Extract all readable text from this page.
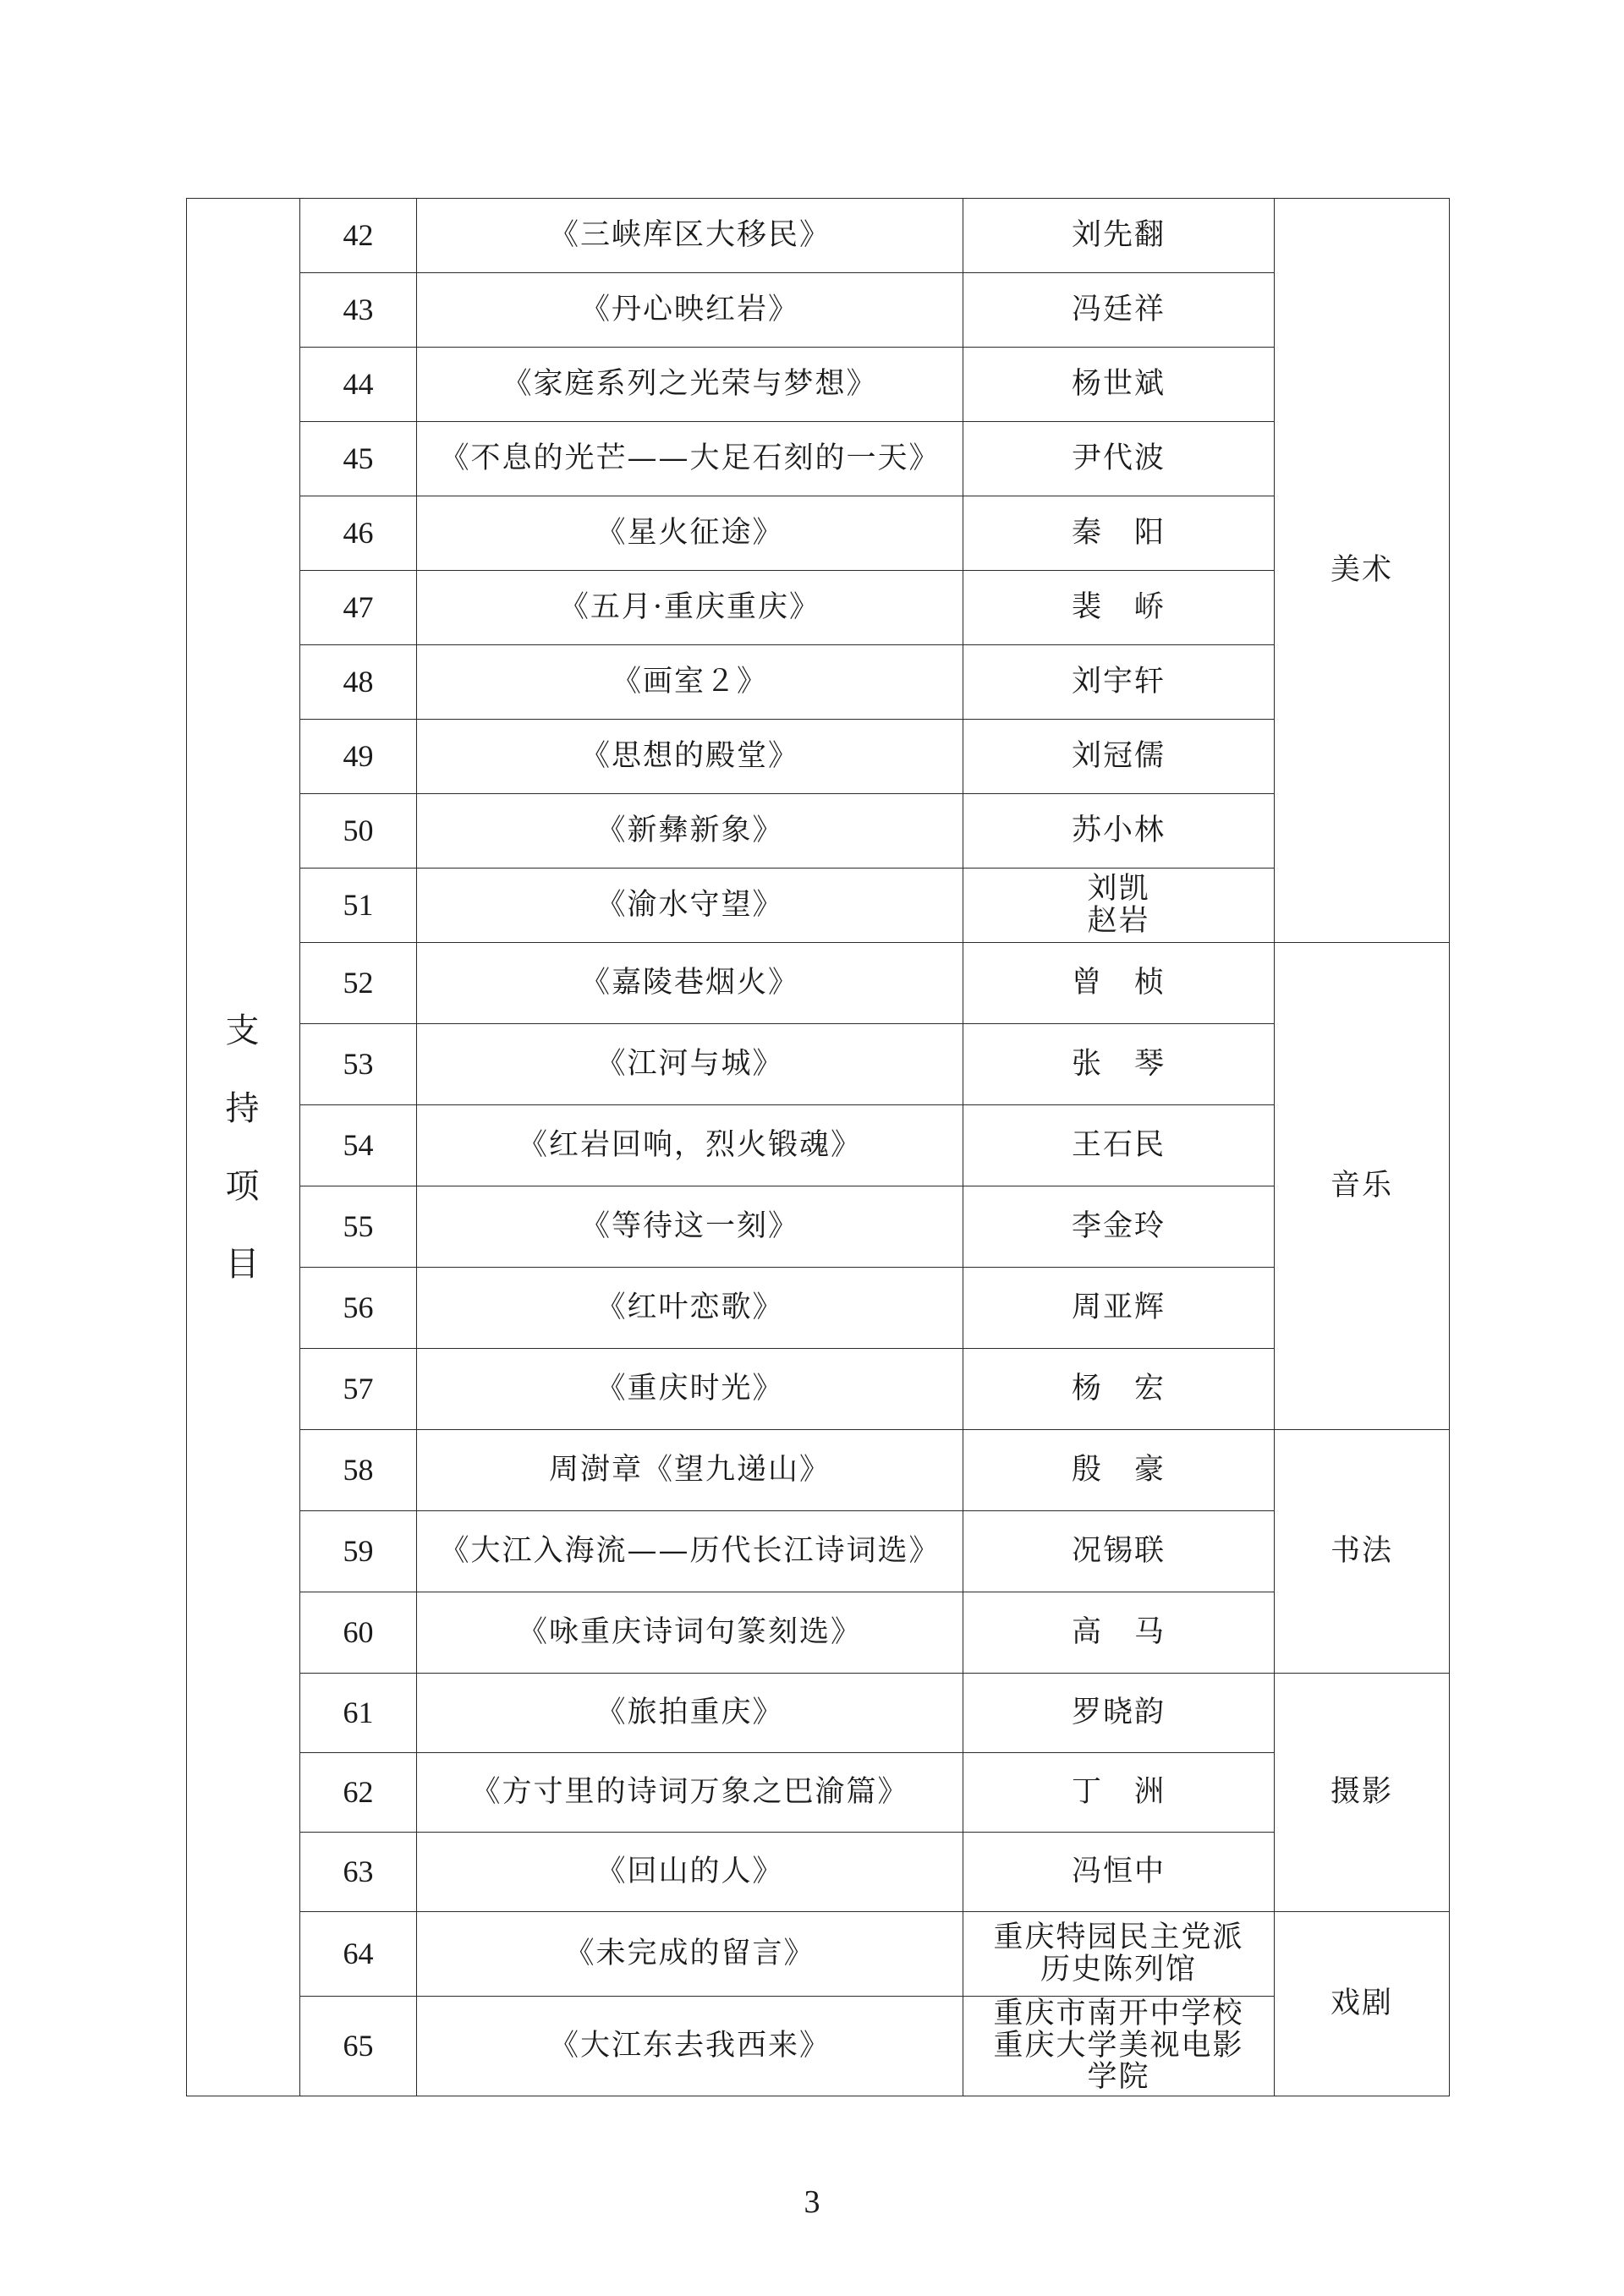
支
持
项
目	42	《三峡库区大移民》	刘先翻	美术
	43	《丹心映红岩》	冯廷祥	

	44	《家庭系列之光荣与梦想》	杨世斌	

	45	《不息的光芒——大足石刻的一天》	尹代波	

	46	《星火征途》	秦　阳	

	47	《五月·重庆重庆》	裴　峤	

	48	《画室２》	刘宇轩	

	49	《思想的殿堂》	刘冠儒	

	50	《新彝新象》	苏小林	

	51	《渝水守望》	刘凯
赵岩	

	52	《嘉陵巷烟火》	曾　桢	音乐
	53	《江河与城》	张　琴	

	54	《红岩回响，烈火锻魂》	王石民	

	55	《等待这一刻》	李金玲	

	56	《红叶恋歌》	周亚辉	

	57	《重庆时光》	杨　宏	

	58	周澍章《望九递山》	殷　豪	书法
	59	《大江入海流——历代长江诗词选》	况锡联	

	60	《咏重庆诗词句篆刻选》	高　马	

	61	《旅拍重庆》	罗晓韵	摄影
	62	《方寸里的诗词万象之巴渝篇》	丁　洲	

	63	《回山的人》	冯恒中	

	64	《未完成的留言》	重庆特园民主党派
历史陈列馆	戏剧
	65	《大江东去我西来》	重庆市南开中学校
重庆大学美视电影
学院	
3
